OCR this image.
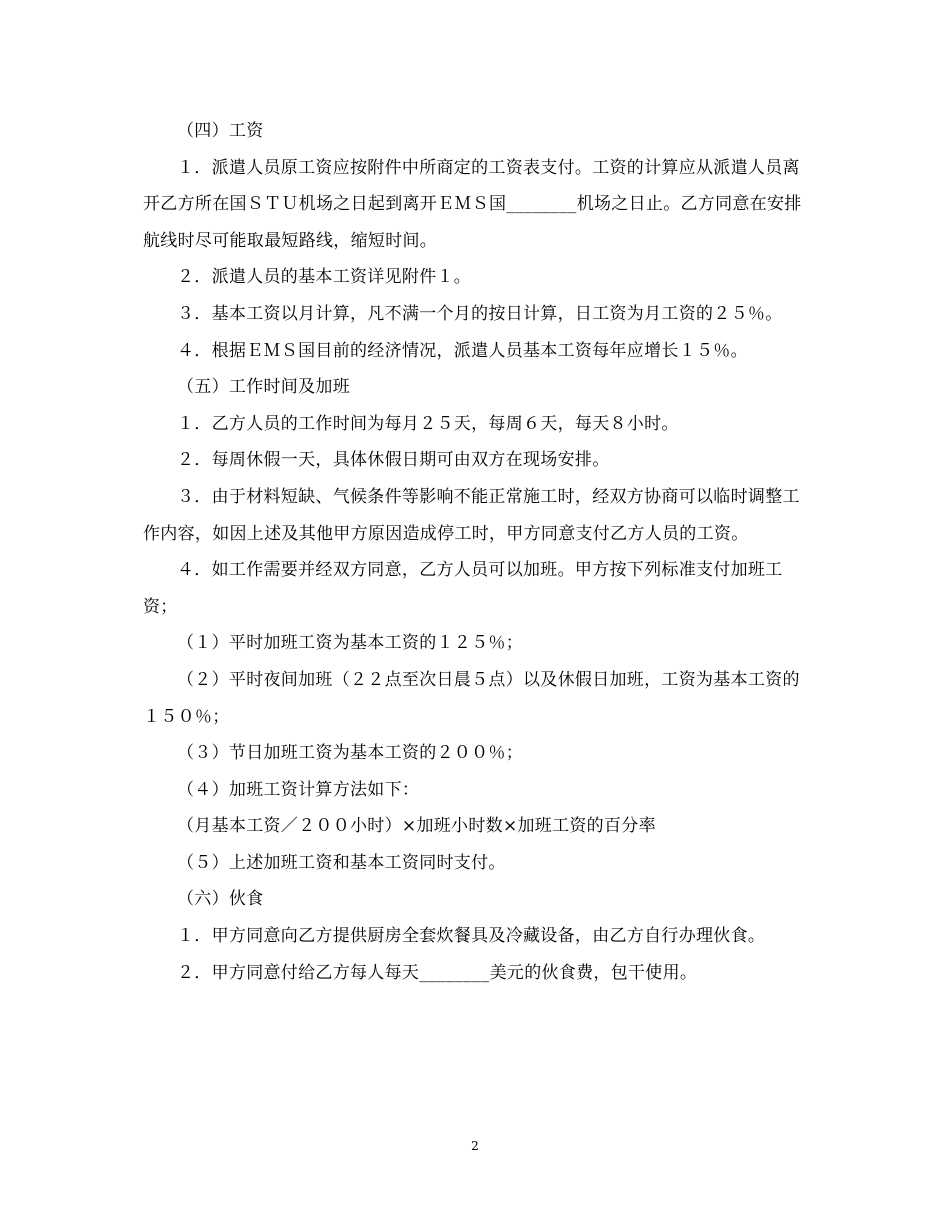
（四）工资

１．派遣人员原工资应按附件中所商定的工资表支付。工资的计算应从派遣人员离开乙方所在国ＳＴＵ机场之日起到离开ＥＭＳ国________机场之日止。乙方同意在安排航线时尽可能取最短路线，缩短时间。

２．派遣人员的基本工资详见附件１。

３．基本工资以月计算，凡不满一个月的按日计算，日工资为月工资的２５％。

４．根据ＥＭＳ国目前的经济情况，派遣人员基本工资每年应增长１５％。

（五）工作时间及加班

１．乙方人员的工作时间为每月２５天，每周６天，每天８小时。

２．每周休假一天，具体休假日期可由双方在现场安排。

３．由于材料短缺、气候条件等影响不能正常施工时，经双方协商可以临时调整工作内容，如因上述及其他甲方原因造成停工时，甲方同意支付乙方人员的工资。

４．如工作需要并经双方同意，乙方人员可以加班。甲方按下列标准支付加班工资；

（１）平时加班工资为基本工资的１２５％；

（２）平时夜间加班（２２点至次日晨５点）以及休假日加班，工资为基本工资的１５０％；

（３）节日加班工资为基本工资的２００％；

（４）加班工资计算方法如下：

（月基本工资／２００小时）×加班小时数×加班工资的百分率

（５）上述加班工资和基本工资同时支付。

（六）伙食

１．甲方同意向乙方提供厨房全套炊餐具及冷藏设备，由乙方自行办理伙食。

２．甲方同意付给乙方每人每天________美元的伙食费，包干使用。

2
